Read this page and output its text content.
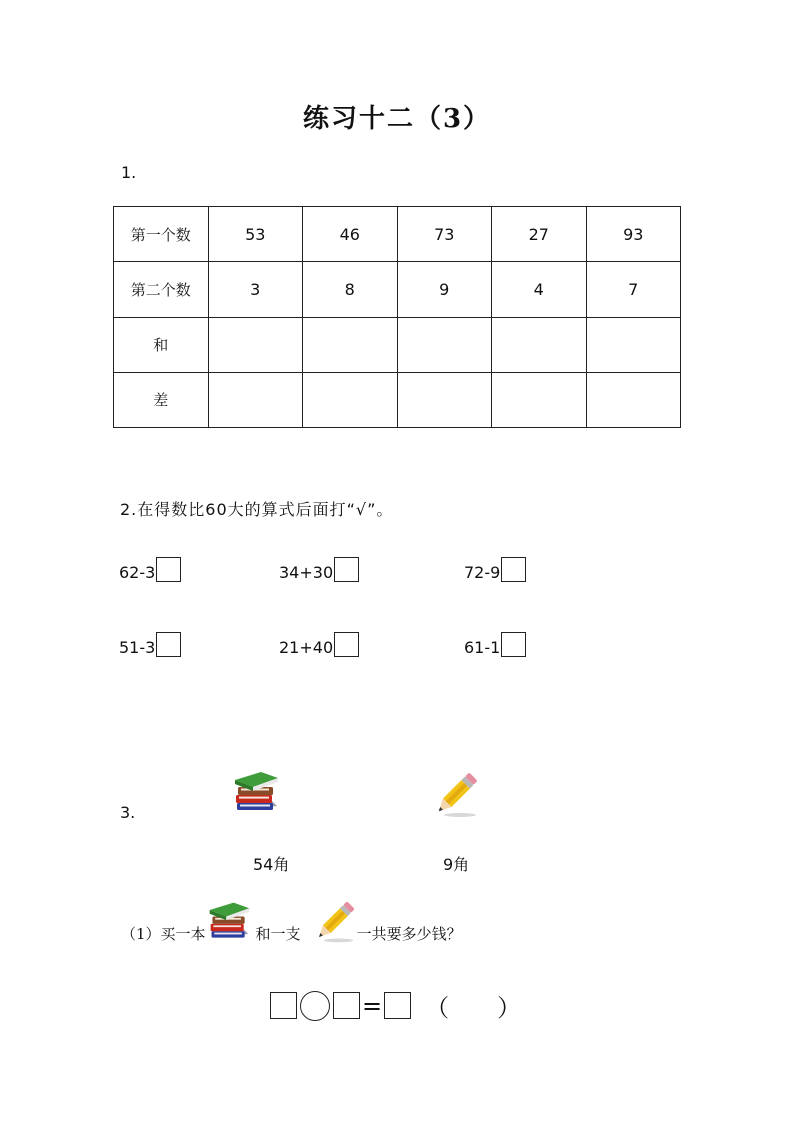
练习十二（3）
1.
第一个数	53	46	73	27	93
第二个数	3	8	9	4	7
和					
差					
2.在得数比60大的算式后面打“√”。
62-3	34+30	72-9
51-3	21+40	61-1
3.
54角	9角
（1）买一本	和一支	一共要多少钱？
= （　　）
